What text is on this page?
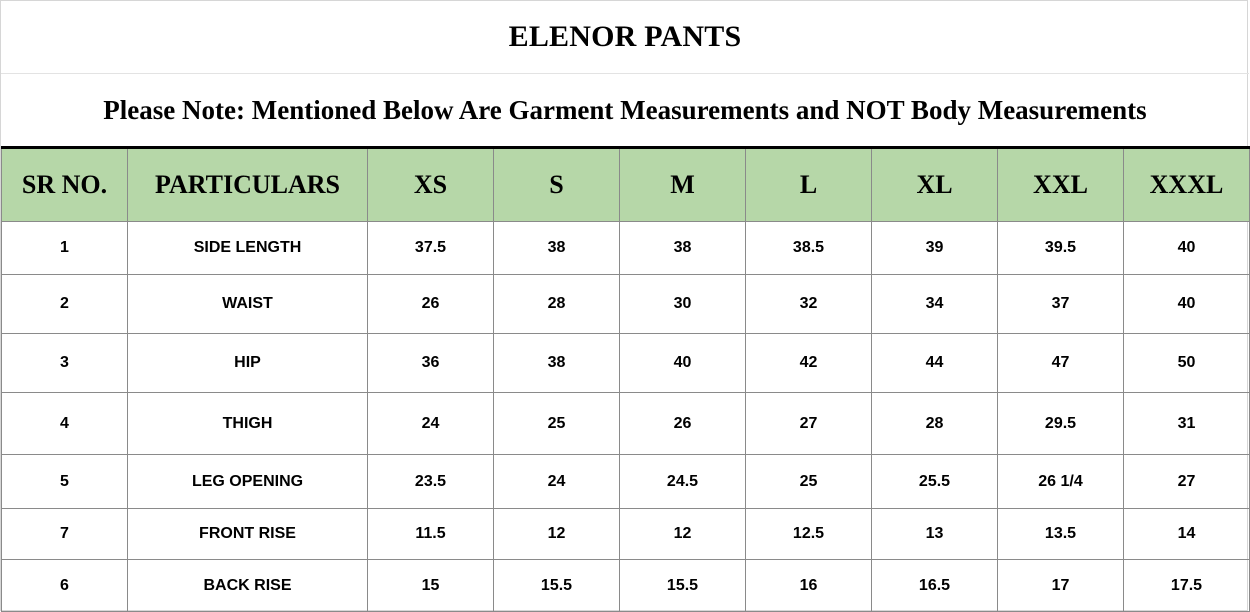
ELENOR PANTS
Please Note: Mentioned Below Are Garment Measurements and NOT Body Measurements
SR NO.	PARTICULARS	XS	S	M	L	XL	XXL	XXXL
1	SIDE LENGTH	37.5	38	38	38.5	39	39.5	40
2	WAIST	26	28	30	32	34	37	40
3	HIP	36	38	40	42	44	47	50
4	THIGH	24	25	26	27	28	29.5	31
5	LEG OPENING	23.5	24	24.5	25	25.5	26 1/4	27
7	FRONT RISE	11.5	12	12	12.5	13	13.5	14
6	BACK RISE	15	15.5	15.5	16	16.5	17	17.5
